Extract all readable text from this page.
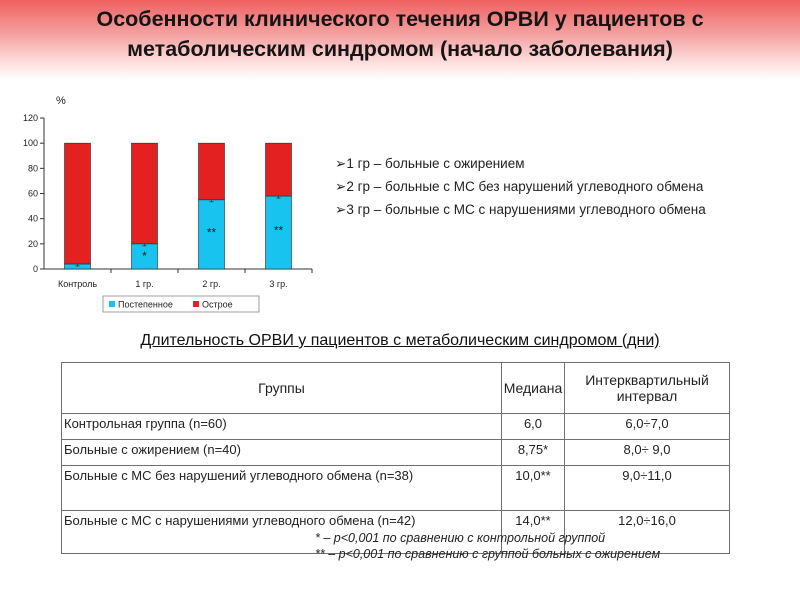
Особенности клинического течения ОРВИ у пациентов с метаболическим синдромом (начало заболевания)
%
0
20
40
60
80
100
120
Контроль	1 гр.
*
2 гр.
**
3 гр.
**
Постепенное	Острое
➢1 гр – больные с ожирением
➢2 гр – больные с МС без нарушений углеводного обмена
➢3 гр – больные с МС с нарушениями углеводного обмена
Длительность ОРВИ у пациентов с метаболическим синдромом (дни)
Группы	Медиана	Интерквартильный интервал
Контрольная группа (n=60)	6,0	6,0÷7,0
Больные с ожирением (n=40)	8,75*	8,0÷ 9,0
Больные с МС без нарушений углеводного обмена (n=38)	10,0**	9,0÷11,0
Больные с МС с нарушениями углеводного обмена (n=42)	14,0**	12,0÷16,0
* – p<0,001 по сравнению с контрольной группой
** – p<0,001 по сравнению с группой больных с ожирением
